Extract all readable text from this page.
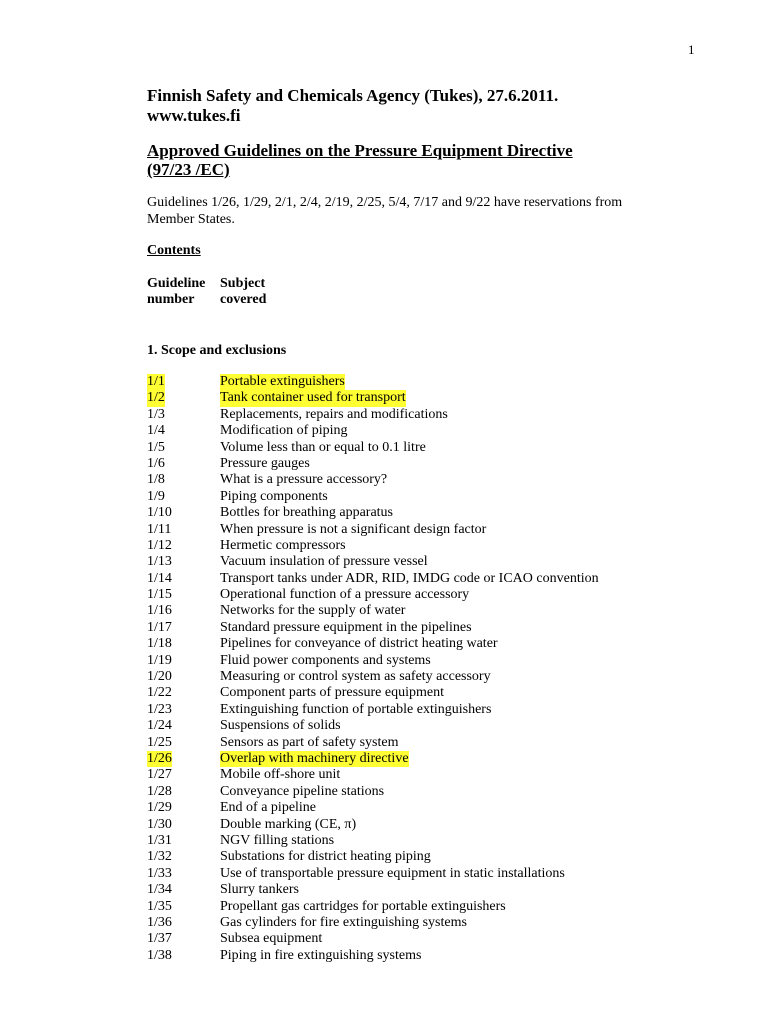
1
Finnish Safety and Chemicals Agency (Tukes), 27.6.2011.
www.tukes.fi
Approved Guidelines on the Pressure Equipment Directive
(97/23 /EC)
Guidelines 1/26, 1/29, 2/1, 2/4, 2/19, 2/25, 5/4, 7/17 and 9/22 have reservations from Member States.
Contents
Guideline
number
Subject
covered
1. Scope and exclusions
1/1	Portable extinguishers
1/2	Tank container used for transport
1/3	Replacements, repairs and modifications
1/4	Modification of piping
1/5	Volume less than or equal to 0.1 litre
1/6	Pressure gauges
1/8	What is a pressure accessory?
1/9	Piping components
1/10	Bottles for breathing apparatus
1/11	When pressure is not a significant design factor
1/12	Hermetic compressors
1/13	Vacuum insulation of pressure vessel
1/14	Transport tanks under ADR, RID, IMDG code or ICAO convention
1/15	Operational function of a pressure accessory
1/16	Networks for the supply of water
1/17	Standard pressure equipment in the pipelines
1/18	Pipelines for conveyance of district heating water
1/19	Fluid power components and systems
1/20	Measuring or control system as safety accessory
1/22	Component parts of pressure equipment
1/23	Extinguishing function of portable extinguishers
1/24	Suspensions of solids
1/25	Sensors as part of safety system
1/26	Overlap with machinery directive
1/27	Mobile off-shore unit
1/28	Conveyance pipeline stations
1/29	End of a pipeline
1/30	Double marking (CE, π)
1/31	NGV filling stations
1/32	Substations for district heating piping
1/33	Use of transportable pressure equipment in static installations
1/34	Slurry tankers
1/35	Propellant gas cartridges for portable extinguishers
1/36	Gas cylinders for fire extinguishing systems
1/37	Subsea equipment
1/38	Piping in fire extinguishing systems
